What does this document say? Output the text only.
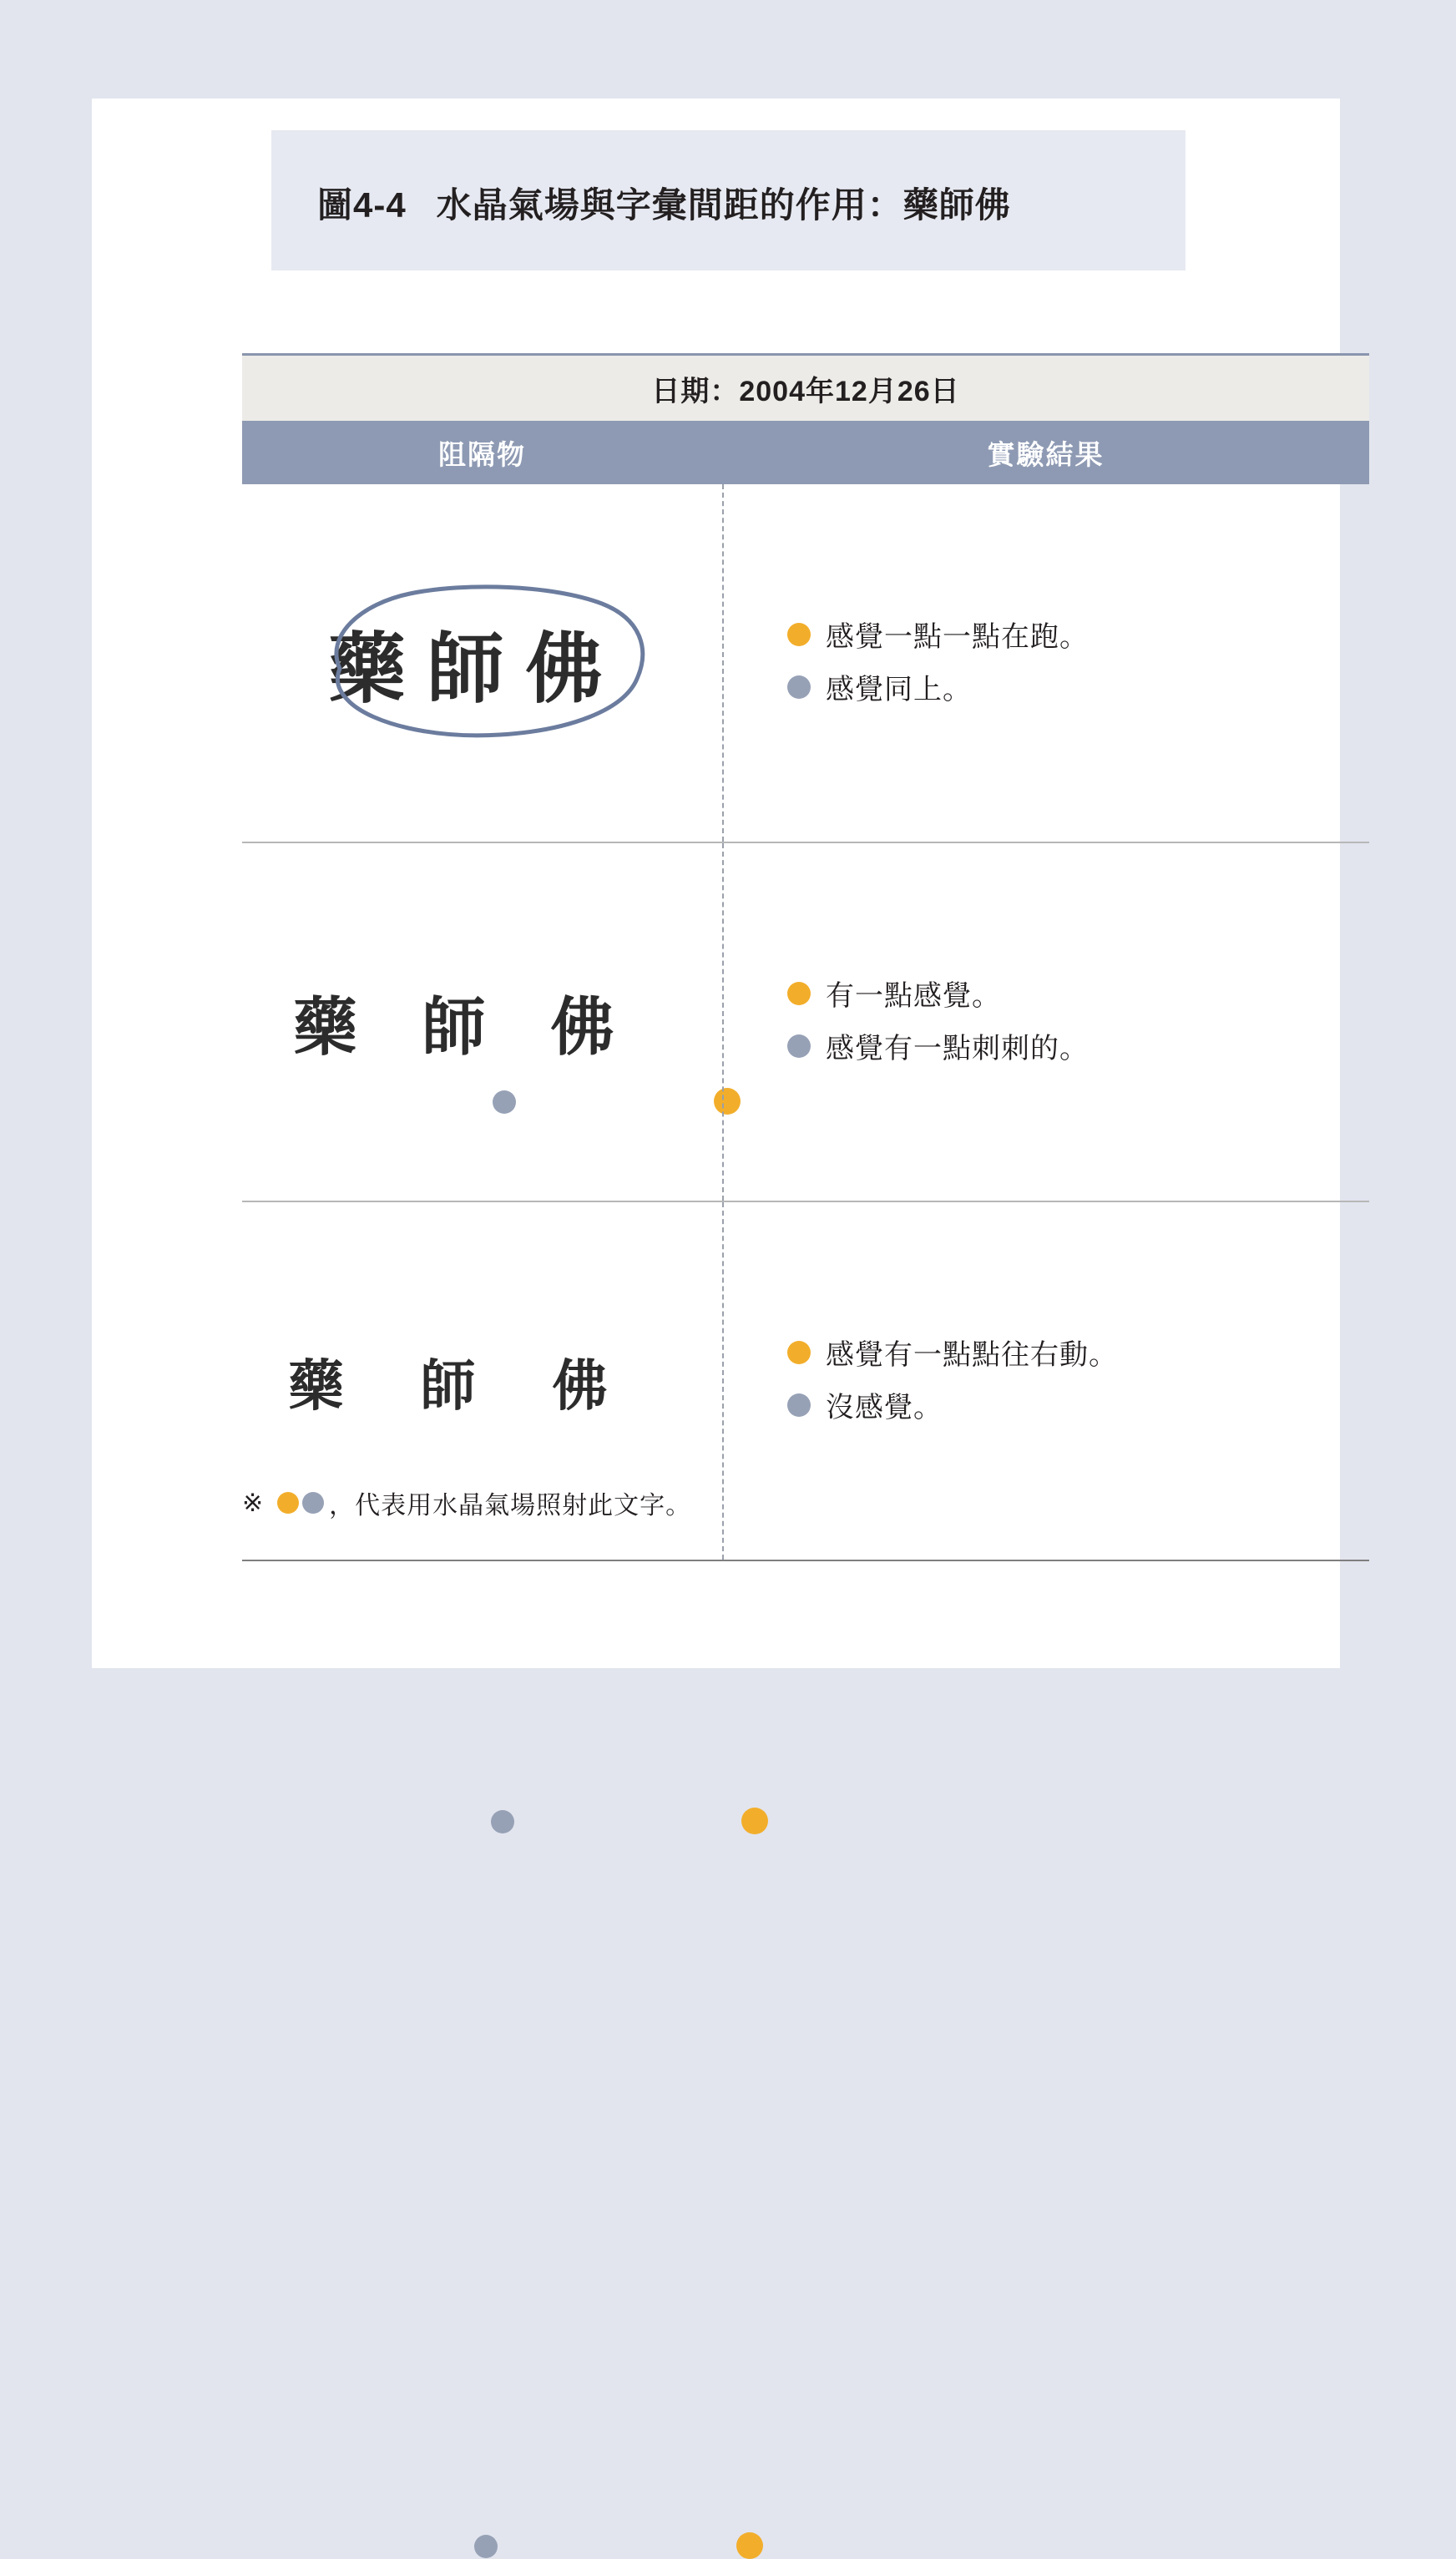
圖4-4 水晶氣場與字彙間距的作用：藥師佛
日期：2004年12月26日
阻隔物	實驗結果
藥師佛	感覺一點一點在跑。
感覺同上。
藥師佛	有一點感覺。
感覺有一點刺刺的。
藥師佛	感覺有一點點往右動。
沒感覺。
※	，代表用水晶氣場照射此文字。
